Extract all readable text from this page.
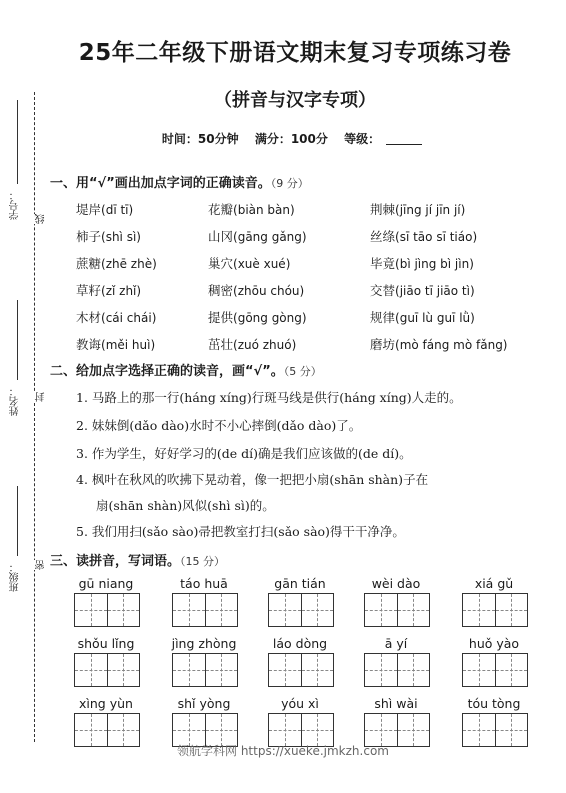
25年二年级下册语文期末复习专项练习卷
（拼音与汉字专项）
时间：50分钟 满分：100分 等级：
学号： 线
姓名： 封
班级： 密
一、用“√”画出加点字词的正确读音。（9 分）
堤岸(dī tī)	花瓣(biàn bàn)	荆棘(jīng jí jīn jí)
柿子(shì sì)	山冈(gāng gǎng)	丝绦(sī tāo sī tiáo)
蔗糖(zhē zhè)	巢穴(xuè xué)	毕竟(bì jìng bì jìn)
草籽(zǐ zhǐ)	稠密(zhōu chóu)	交替(jiāo tī jiāo tì)
木材(cái chái)	提供(gōng gòng)	规律(guī lù guī lǜ)
教诲(měi huì)	茁壮(zuó zhuó)	磨坊(mò fáng mò fǎng)
二、给加点字选择正确的读音，画“√”。（5 分）
1. 马路上的那一行(háng xíng)行斑马线是供行(háng xíng)人走的。
2. 妹妹倒(dǎo dào)水时不小心摔倒(dǎo dào)了。
3. 作为学生，好好学习的(de dí)确是我们应该做的(de dí)。
4. 枫叶在秋风的吹拂下晃动着，像一把把小扇(shān shàn)子在
扇(shān shàn)风似(shì sì)的。
5. 我们用扫(sǎo sào)帚把教室打扫(sǎo sào)得干干净净。
三、读拼音，写词语。（15 分）
gū niang	táo huā	gān tián	wèi dào	xiá gǔ
shǒu lǐng	jìng zhòng	láo dòng	ā yí	huǒ yào
xìng yùn	shǐ yòng	yóu xì	shì wài	tóu tòng
领航学科网 https://xueke.jmkzh.com
